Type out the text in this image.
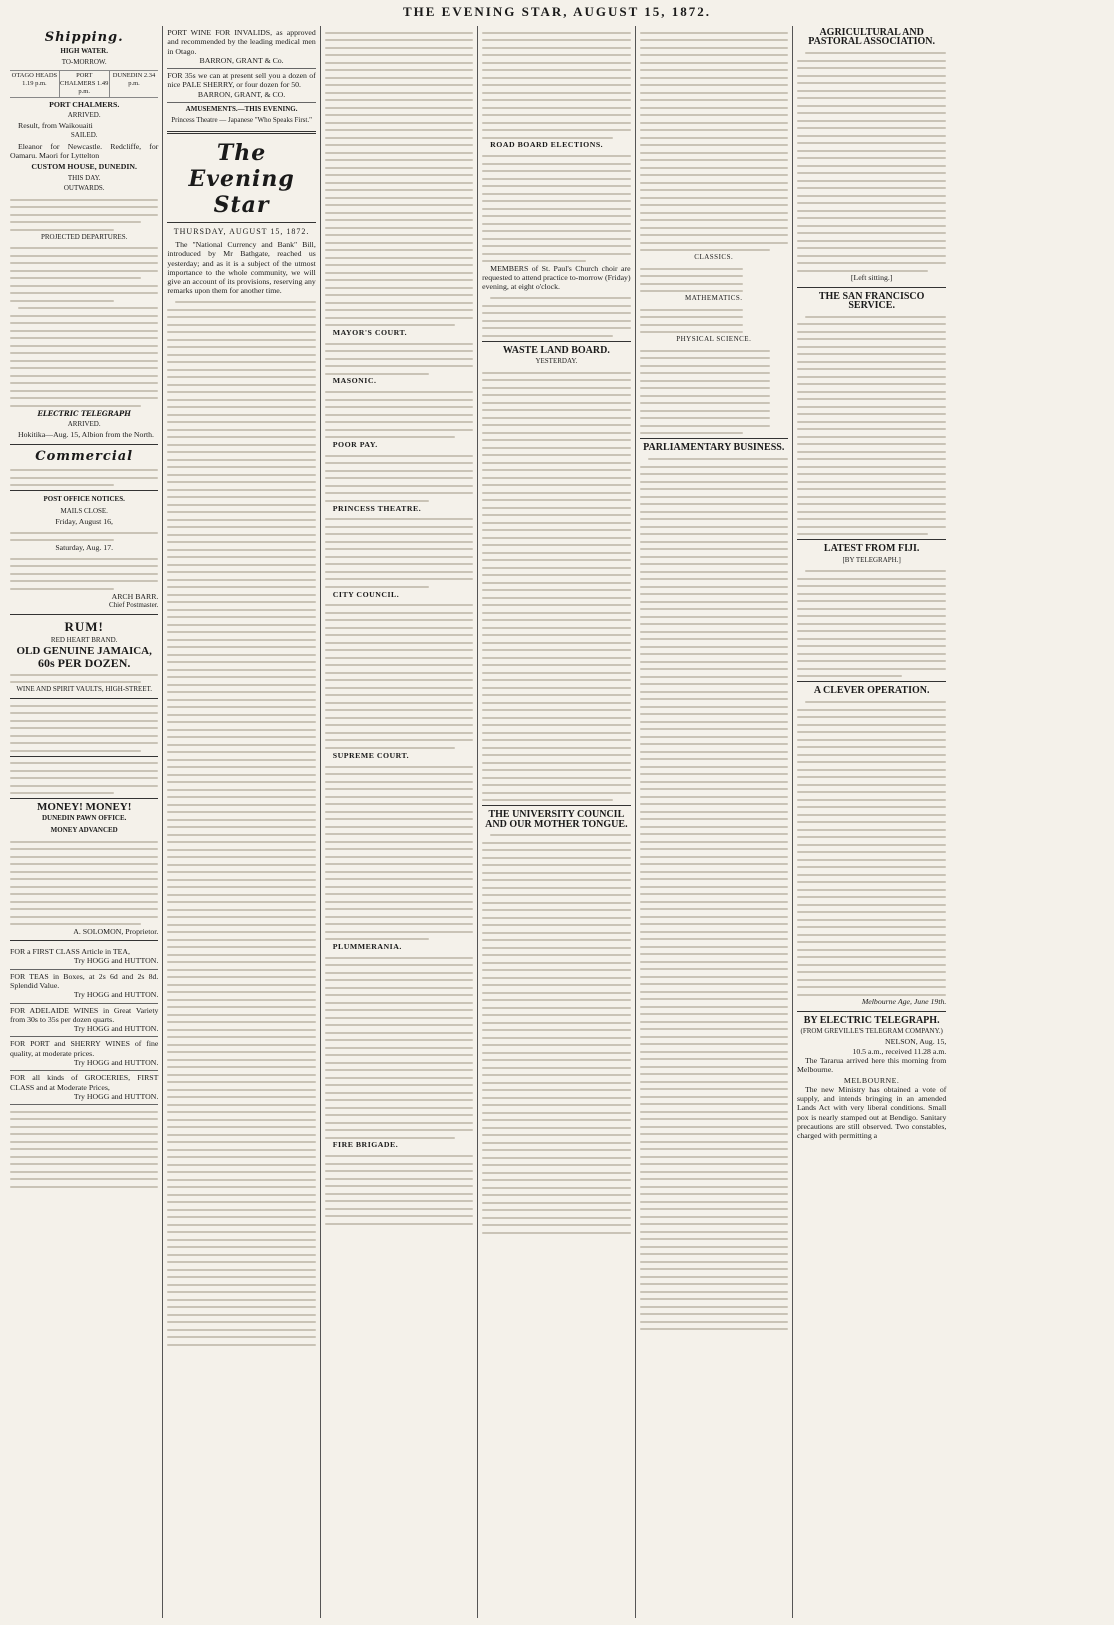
THE EVENING STAR, AUGUST 15, 1872.
Shipping.
HIGH WATER.
TO-MORROW.
OTAGO HEADS 1.19 p.m.
PORT CHALMERS 1.49 p.m.
DUNEDIN 2.34 p.m.
PORT CHALMERS.
ARRIVED.
Result, from Waikouaiti
SAILED.
Eleanor for Newcastle. Redcliffe, for Oamaru. Maori for Lyttelton
CUSTOM HOUSE, DUNEDIN.
THIS DAY.
OUTWARDS.
PROJECTED DEPARTURES.
ELECTRIC TELEGRAPH
ARRIVED.
Hokitika—Aug. 15, Albion from the North.
Commercial
POST OFFICE NOTICES.
MAILS CLOSE.
Friday, August 16,
Saturday, Aug. 17.
ARCH BARR.
Chief Postmaster.
RUM!
RED HEART BRAND.
OLD GENUINE JAMAICA,
60s PER DOZEN.
WINE AND SPIRIT VAULTS, HIGH-STREET.
MONEY! MONEY!
DUNEDIN PAWN OFFICE.
MONEY ADVANCED
A. SOLOMON, Proprietor.
FOR a FIRST CLASS Article in TEA,
Try HOGG and HUTTON.
FOR TEAS in Boxes, at 2s 6d and 2s 8d. Splendid Value.
Try HOGG and HUTTON.
FOR ADELAIDE WINES in Great Variety from 30s to 35s per dozen quarts.
Try HOGG and HUTTON.
FOR PORT and SHERRY WINES of fine quality, at moderate prices.
Try HOGG and HUTTON.
FOR all kinds of GROCERIES, FIRST CLASS and at Moderate Prices,
Try HOGG and HUTTON.
PORT WINE FOR INVALIDS, as approved and recommended by the leading medical men in Otago.
BARRON, GRANT & Co.
FOR 35s we can at present sell you a dozen of nice PALE SHERRY, or four dozen for 50.
BARRON, GRANT, & CO.
AMUSEMENTS.—THIS EVENING.
Princess Theatre — Japanese "Who Speaks First."
The Evening Star
THURSDAY, AUGUST 15, 1872.
The "National Currency and Bank" Bill, introduced by Mr Bathgate, reached us yesterday; and as it is a subject of the utmost importance to the whole community, we will give an account of its provisions, reserving any remarks upon them for another time.
MAYOR'S COURT.
MASONIC.
POOR PAY.
PRINCESS THEATRE.
CITY COUNCIL.
SUPREME COURT.
PLUMMERANIA.
FIRE BRIGADE.
ROAD BOARD ELECTIONS.
MEMBERS of St. Paul's Church choir are requested to attend practice to-morrow (Friday) evening, at eight o'clock.
WASTE LAND BOARD.
YESTERDAY.
THE UNIVERSITY COUNCIL AND OUR MOTHER TONGUE.
CLASSICS.
MATHEMATICS.
PHYSICAL SCIENCE.
PARLIAMENTARY BUSINESS.
AGRICULTURAL AND PASTORAL ASSOCIATION.
[Left sitting.]
THE SAN FRANCISCO SERVICE.
LATEST FROM FIJI.
[BY TELEGRAPH.]
A CLEVER OPERATION.
Melbourne Age, June 19th.
BY ELECTRIC TELEGRAPH.
(FROM GREVILLE'S TELEGRAM COMPANY.)
NELSON, Aug. 15,
10.5 a.m., received 11.28 a.m.
The Tararua arrived here this morning from Melbourne.
MELBOURNE.
The new Ministry has obtained a vote of supply, and intends bringing in an amended Lands Act with very liberal conditions. Small pox is nearly stamped out at Bendigo. Sanitary precautions are still observed. Two constables, charged with permitting a
